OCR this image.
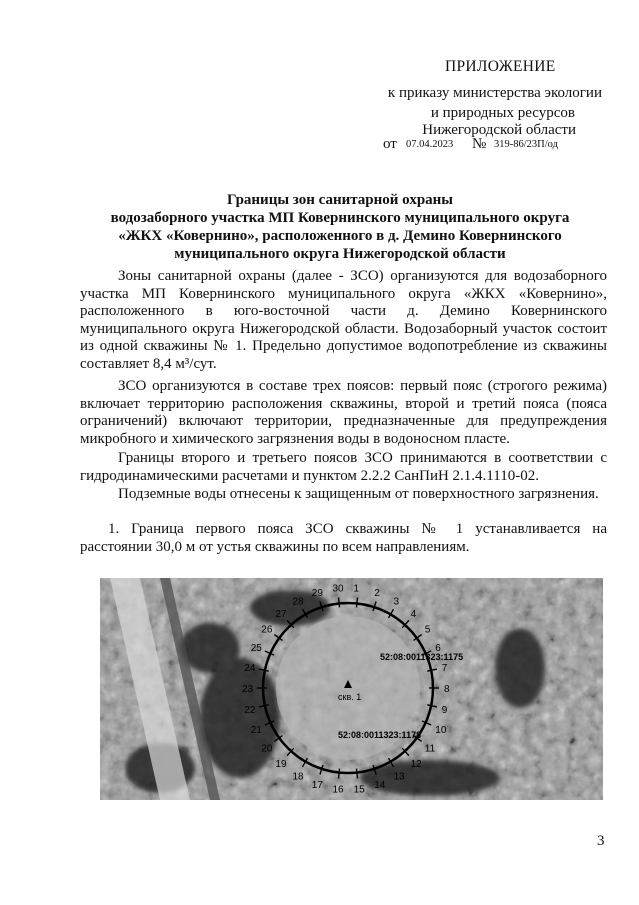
ПРИЛОЖЕНИЕ
к приказу министерства экологии
и природных ресурсов
Нижегородской области
от 07.04.2023 № 319-86/23П/од
Границы зон санитарной охраны
водозаборного участка МП Ковернинского муниципального округа
«ЖКХ «Ковернино», расположенного в д. Демино Ковернинского
муниципального округа Нижегородской области
Зоны санитарной охраны (далее - ЗСО) организуются для водозаборного
участка МП Ковернинского муниципального округа «ЖКХ «Ковернино»,
расположенного в юго-восточной части д. Демино Ковернинского
муниципального округа Нижегородской области. Водозаборный участок состоит
из одной скважины № 1. Предельно допустимое водопотребление из скважины
составляет 8,4 м³/сут.
ЗСО организуются в составе трех поясов: первый пояс (строгого режима)
включает территорию расположения скважины, второй и третий пояса (пояса
ограничений) включают территории, предназначенные для предупреждения
микробного и химического загрязнения воды в водоносном пласте.
Границы второго и третьего поясов ЗСО принимаются в соответствии с
гидродинамическими расчетами и пунктом 2.2.2 СанПиН 2.1.4.1110-02.
Подземные воды отнесены к защищенным от поверхностного загрязнения.
1. Граница первого пояса ЗСО скважины № 1 устанавливается на
расстоянии 30,0 м от устья скважины по всем направлениям.
1 2
3
4
5
6
7
8
9
10
11
12
13
14
15
16
17
18
19
20
21
22
23
24
25
26
27
28
29 30
скв. 1
52:08:0011323:1175
52:08:0011323:1178
3
